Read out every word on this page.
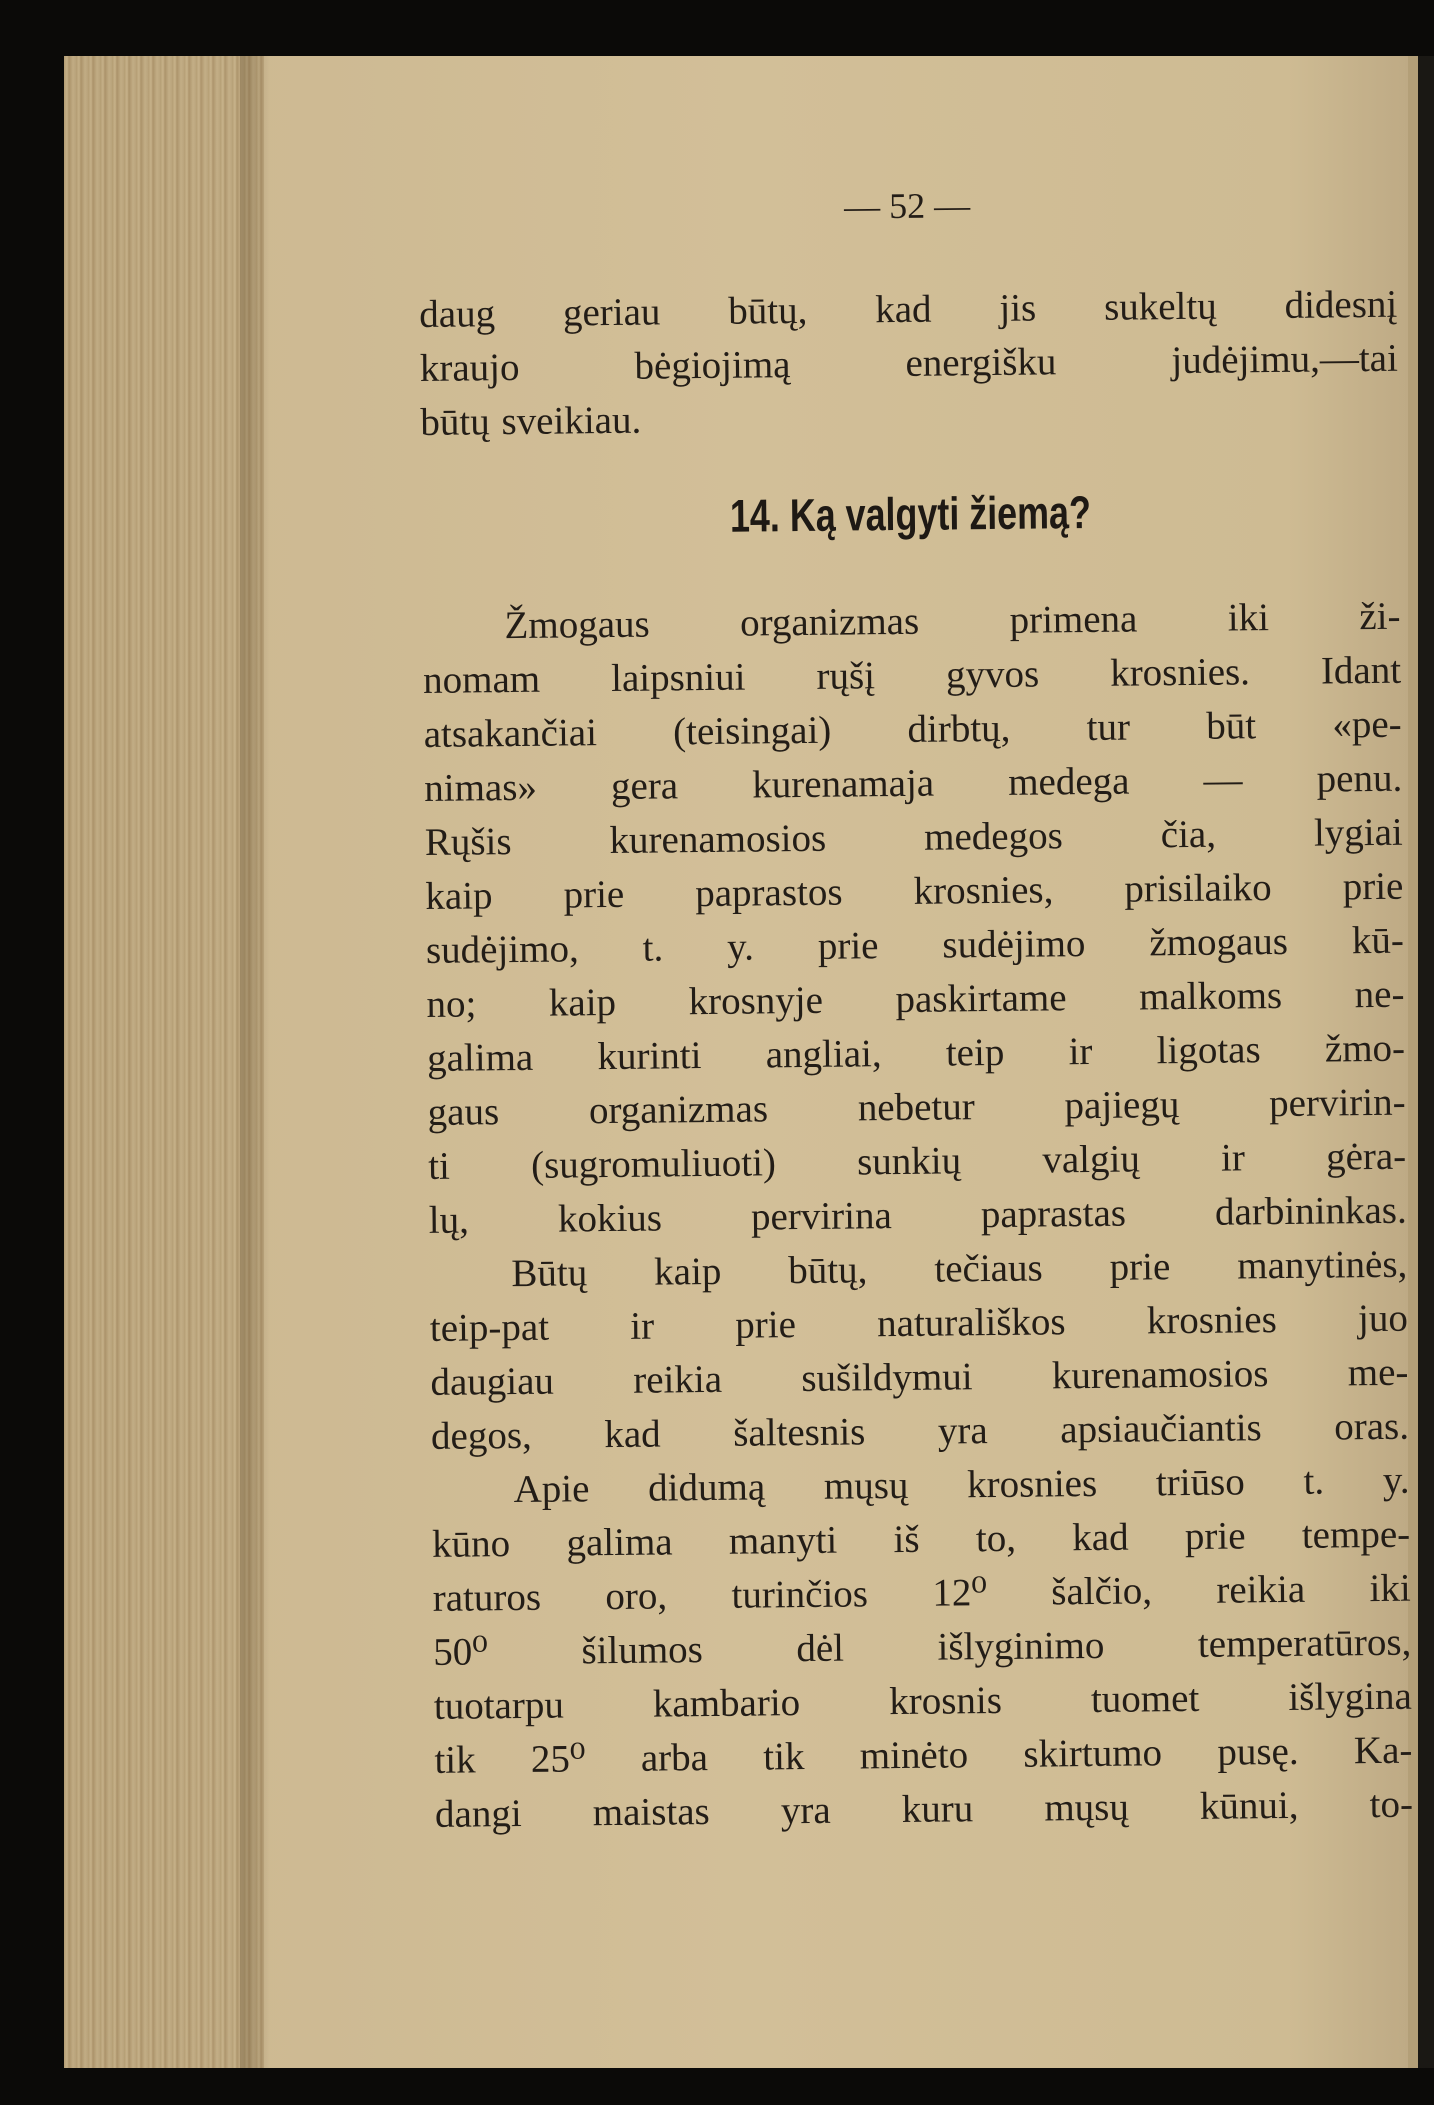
— 52 —
14. Ką valgyti žiemą?
daug geriau būtų, kad jis sukeltų didesnį
kraujo bėgiojimą energišku judėjimu,—tai
būtų sveikiau.
Žmogaus organizmas primena iki ži-
nomam laipsniui rųšį gyvos krosnies. Idant
atsakančiai (teisingai) dirbtų, tur būt «pe-
nimas» gera kurenamaja medega — penu.
Rųšis kurenamosios medegos čia, lygiai
kaip prie paprastos krosnies, prisilaiko prie
sudėjimo, t. y. prie sudėjimo žmogaus kū-
no; kaip krosnyje paskirtame malkoms ne-
galima kurinti angliai, teip ir ligotas žmo-
gaus organizmas nebetur pajiegų pervirin-
ti (sugromuliuoti) sunkių valgių ir gėra-
lų, kokius pervirina paprastas darbininkas.
Būtų kaip būtų, tečiaus prie manytinės,
teip-pat ir prie naturališkos krosnies juo
daugiau reikia sušildymui kurenamosios me-
degos, kad šaltesnis yra apsiaučiantis oras.
Apie didumą mųsų krosnies triūso t. y.
kūno galima manyti iš to, kad prie tempe-
raturos oro, turinčios 12⁰ šalčio, reikia iki
50⁰ šilumos dėl išlyginimo temperatūros,
tuotarpu kambario krosnis tuomet išlygina
tik 25⁰ arba tik minėto skirtumo pusę. Ka-
dangi maistas yra kuru mųsų kūnui, to-
